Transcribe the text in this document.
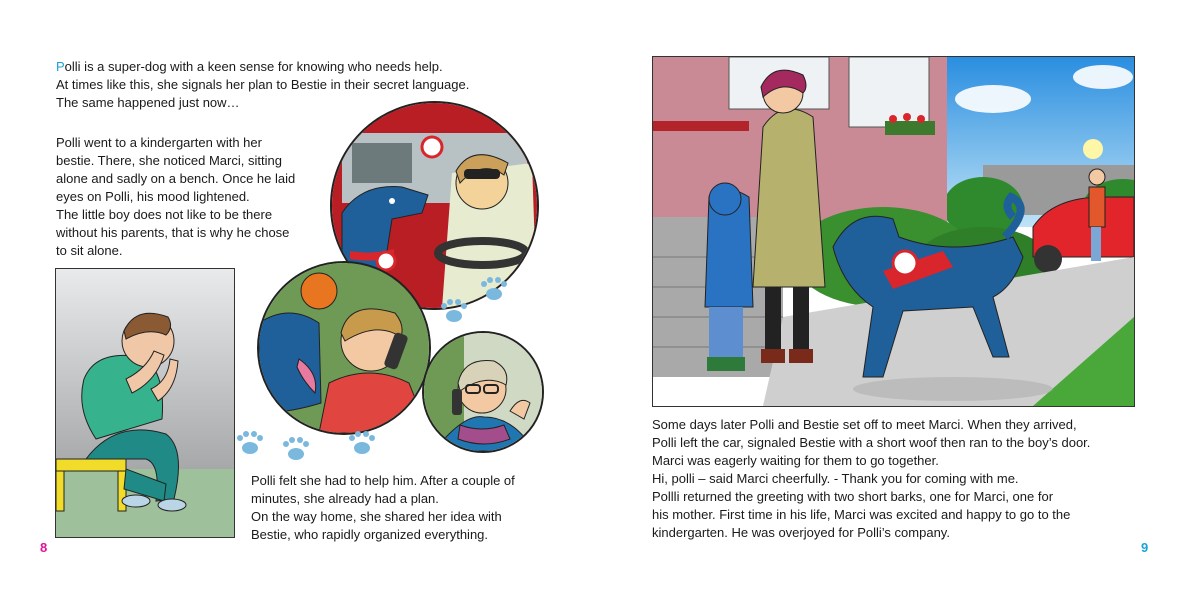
Polli is a super-dog with a keen sense for knowing who needs help.

At times like this, she signals her plan to Bestie in their secret language.

The same happened just now…

Polli went to a kindergarten with her

bestie. There, she noticed Marci, sitting

alone and sadly on a bench. Once he laid

eyes on Polli, his mood lightened.

The little boy does not like to be there

without his parents, that is why he chose

to sit alone.

Polli felt she had to help him. After a couple of

minutes, she already had a plan.

On the way home, she shared her idea with

Bestie, who rapidly organized everything.

8

Some days later Polli and Bestie set off to meet Marci. When they arrived,

Polli left the car, signaled Bestie with a short woof then ran to the boy’s door.

Marci was eagerly waiting for them to go together.

Hi, polli – said Marci cheerfully. - Thank you for coming with me.

Pollli returned the greeting with two short barks, one for Marci, one for

his mother. First time in his life, Marci was excited and happy to go to the

kindergarten. He was overjoyed for Polli’s company.

9
